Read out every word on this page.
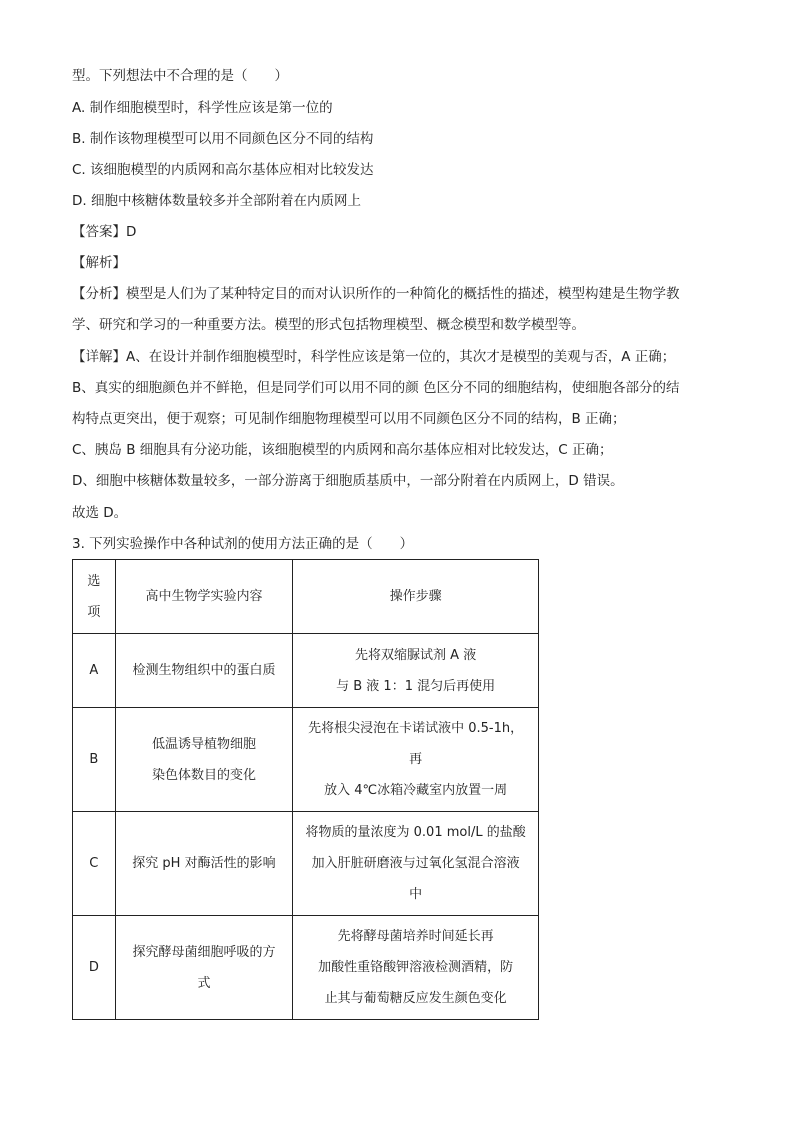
型。下列想法中不合理的是（　　）
A. 制作细胞模型时，科学性应该是第一位的
B. 制作该物理模型可以用不同颜色区分不同的结构
C. 该细胞模型的内质网和高尔基体应相对比较发达
D. 细胞中核糖体数量较多并全部附着在内质网上
【答案】D
【解析】
【分析】模型是人们为了某种特定目的而对认识所作的一种简化的概括性的描述，模型构建是生物学教
学、研究和学习的一种重要方法。模型的形式包括物理模型、概念模型和数学模型等。
【详解】A、在设计并制作细胞模型时，科学性应该是第一位的，其次才是模型的美观与否，A 正确；
B、真实的细胞颜色并不鲜艳，但是同学们可以用不同的颜 色区分不同的细胞结构，使细胞各部分的结
构特点更突出，便于观察；可见制作细胞物理模型可以用不同颜色区分不同的结构，B 正确；
C、胰岛 B 细胞具有分泌功能，该细胞模型的内质网和高尔基体应相对比较发达，C 正确；
D、细胞中核糖体数量较多，一部分游离于细胞质基质中，一部分附着在内质网上，D 错误。
故选 D。
3. 下列实验操作中各种试剂的使用方法正确的是（　　）
选
项	高中生物学实验内容	操作步骤
A	检测生物组织中的蛋白质	先将双缩脲试剂 A 液
与 B 液 1：1 混匀后再使用

B	低温诱导植物细胞
染色体数目的变化	先将根尖浸泡在卡诺试液中 0.5-1h，
再
放入 4℃冰箱冷藏室内放置一周

C	探究 pH 对酶活性的影响	将物质的量浓度为 0.01 mol/L 的盐酸
加入肝脏研磨液与过氧化氢混合溶液
中

D	探究酵母菌细胞呼吸的方
式	先将酵母菌培养时间延长再
加酸性重铬酸钾溶液检测酒精，防
止其与葡萄糖反应发生颜色变化
